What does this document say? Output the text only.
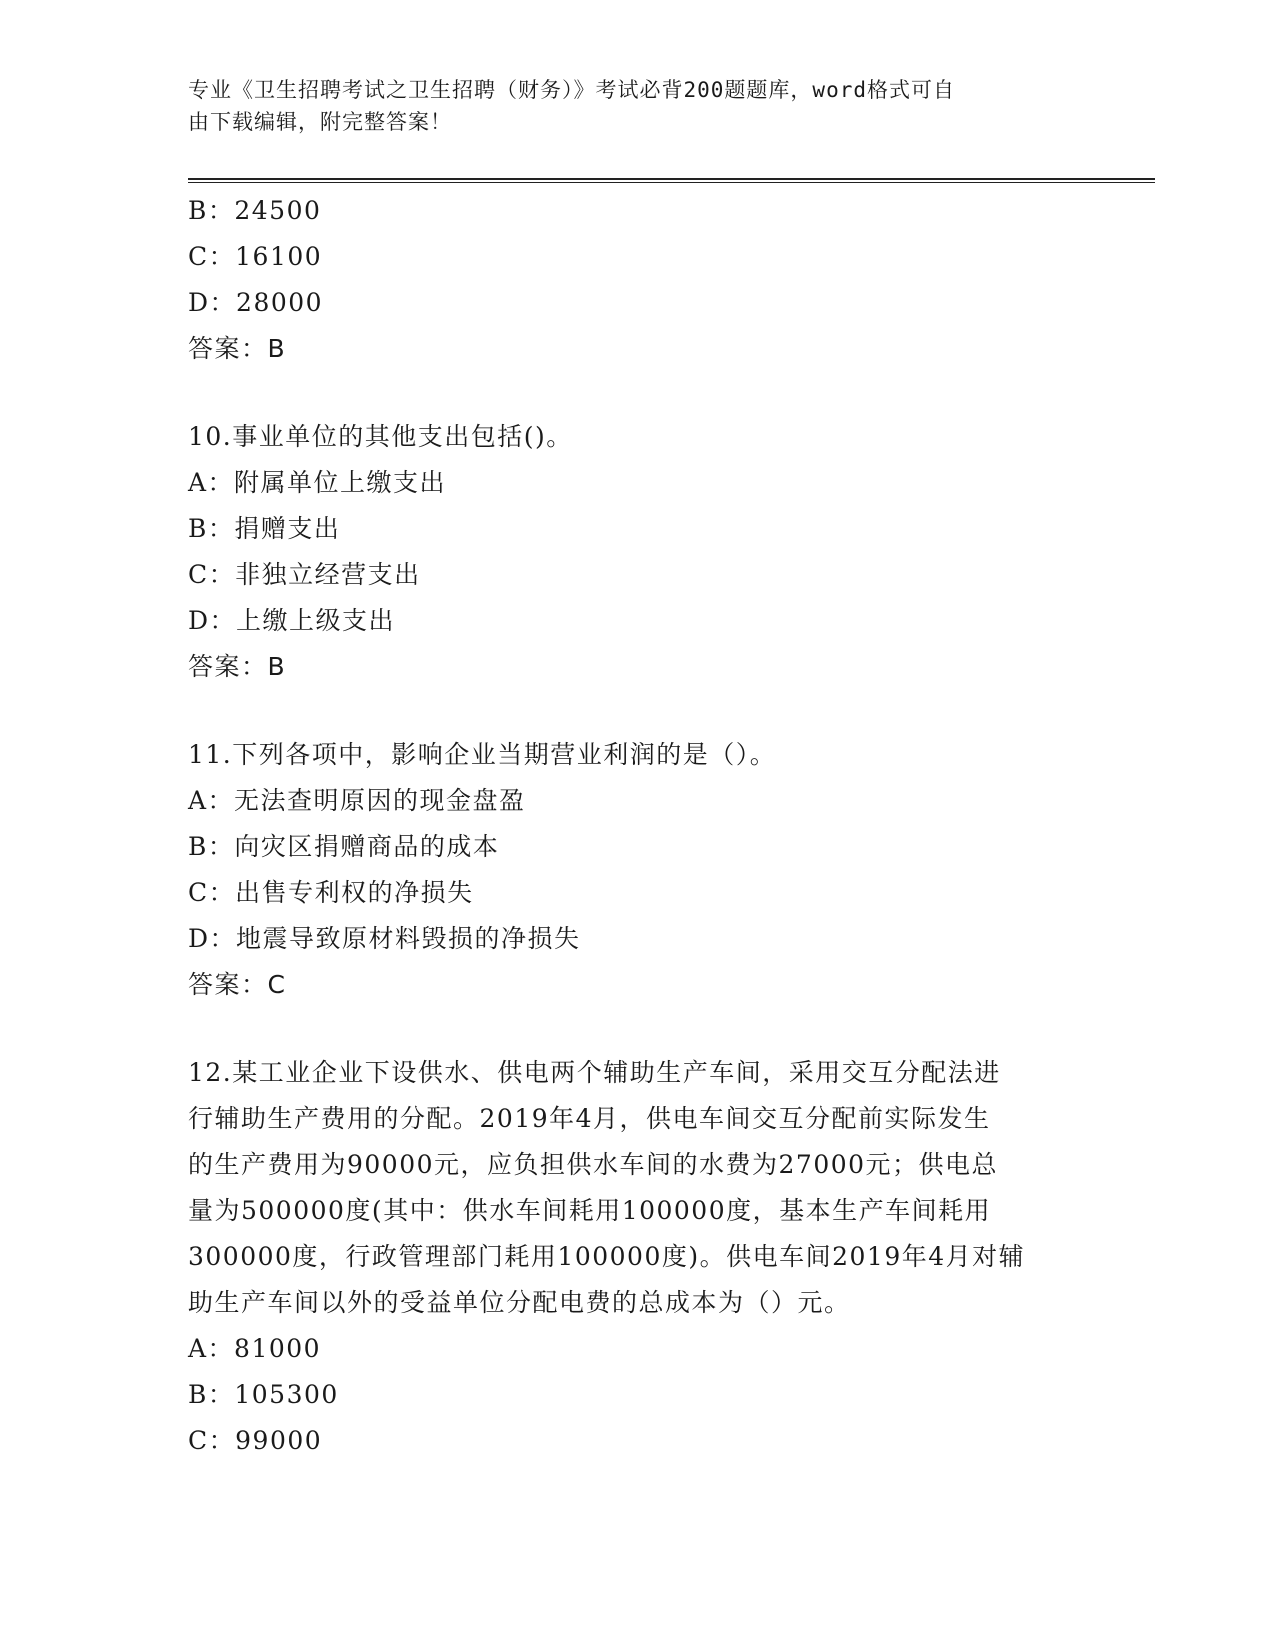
专业《卫生招聘考试之卫生招聘（财务）》考试必背200题题库，word格式可自
由下载编辑，附完整答案！
B：24500
C：16100
D：28000
答案：B
10.事业单位的其他支出包括()。
A：附属单位上缴支出
B：捐赠支出
C：非独立经营支出
D：上缴上级支出
答案：B
11.下列各项中，影响企业当期营业利润的是（）。
A：无法查明原因的现金盘盈
B：向灾区捐赠商品的成本
C：出售专利权的净损失
D：地震导致原材料毁损的净损失
答案：C
12.某工业企业下设供水、供电两个辅助生产车间，采用交互分配法进
行辅助生产费用的分配。2019年4月，供电车间交互分配前实际发生
的生产费用为90000元，应负担供水车间的水费为27000元；供电总
量为500000度(其中：供水车间耗用100000度，基本生产车间耗用
300000度，行政管理部门耗用100000度)。供电车间2019年4月对辅
助生产车间以外的受益单位分配电费的总成本为（）元。
A：81000
B：105300
C：99000
